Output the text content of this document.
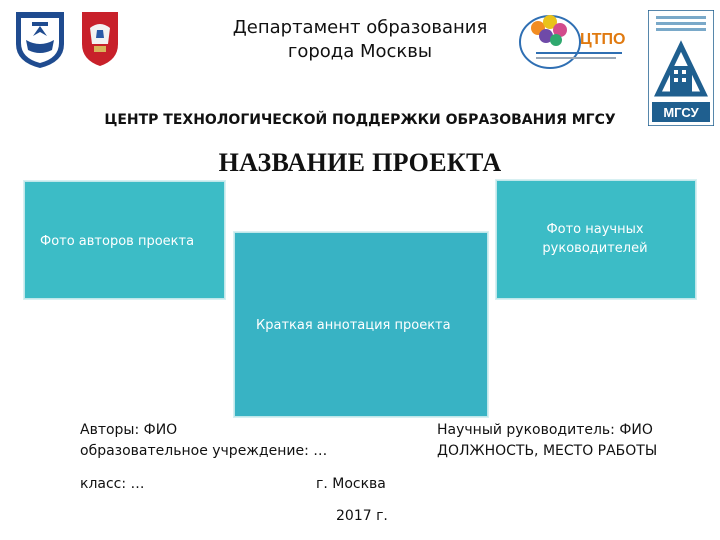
ЦТПО
МГСУ
Департамент образования
города Москвы
ЦЕНТР ТЕХНОЛОГИЧЕСКОЙ ПОДДЕРЖКИ ОБРАЗОВАНИЯ МГСУ
НАЗВАНИЕ ПРОЕКТА
Фото авторов проекта
Фото научных
руководителей
Краткая аннотация проекта
Авторы: ФИО
образовательное учреждение: …
Научный руководитель: ФИО
ДОЛЖНОСТЬ, МЕСТО РАБОТЫ
класс: …	г. Москва
2017 г.
